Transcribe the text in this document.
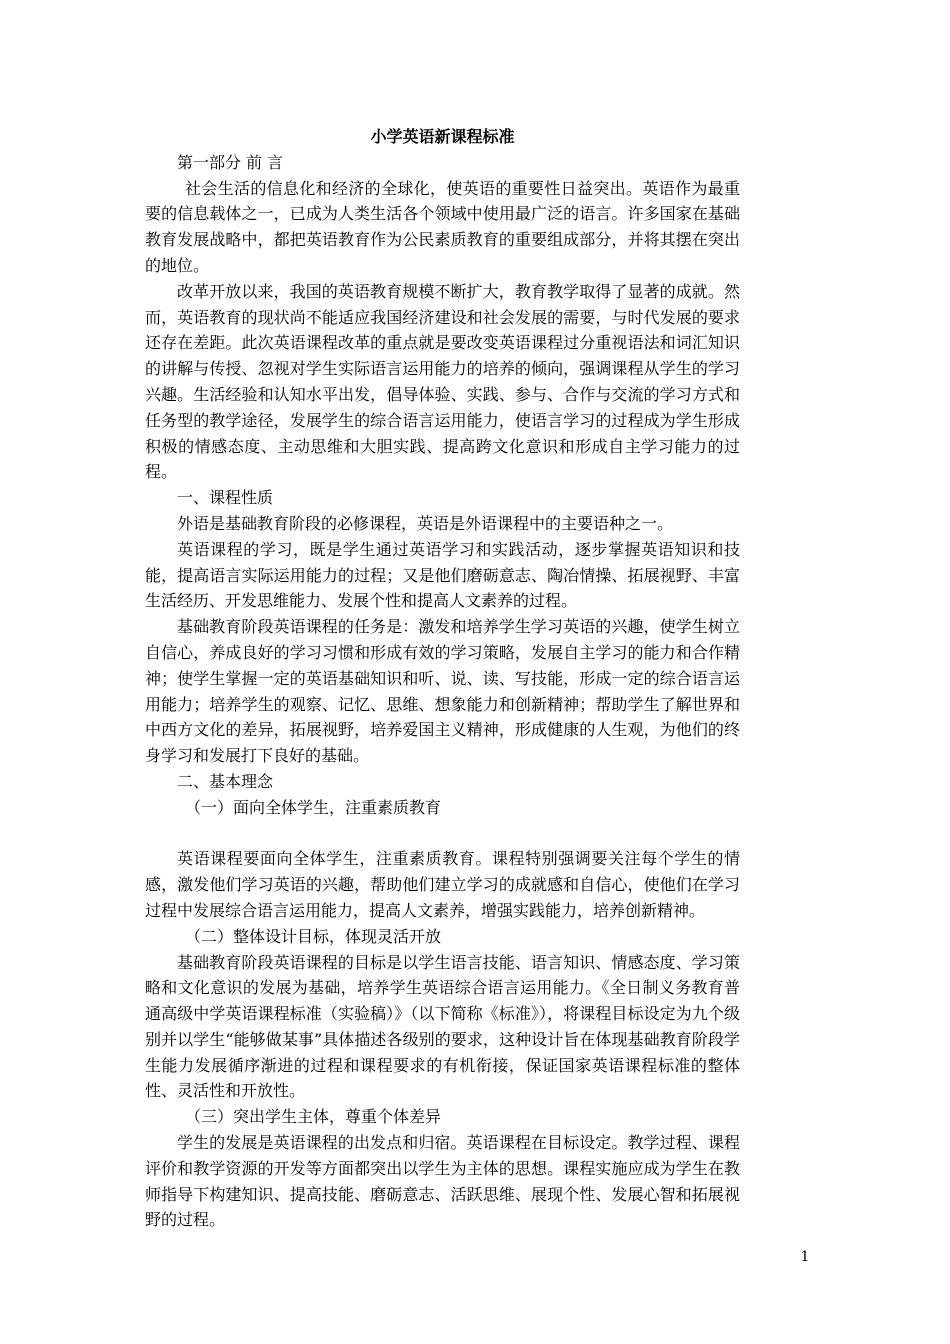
小学英语新课程标准

第一部分 前 言

社会生活的信息化和经济的全球化，使英语的重要性日益突出。英语作为最重要的信息载体之一，已成为人类生活各个领域中使用最广泛的语言。许多国家在基础教育发展战略中，都把英语教育作为公民素质教育的重要组成部分，并将其摆在突出的地位。

改革开放以来，我国的英语教育规模不断扩大，教育教学取得了显著的成就。然而，英语教育的现状尚不能适应我国经济建设和社会发展的需要，与时代发展的要求还存在差距。此次英语课程改革的重点就是要改变英语课程过分重视语法和词汇知识的讲解与传授、忽视对学生实际语言运用能力的培养的倾向，强调课程从学生的学习兴趣。生活经验和认知水平出发，倡导体验、实践、参与、合作与交流的学习方式和任务型的教学途径，发展学生的综合语言运用能力，使语言学习的过程成为学生形成积极的情感态度、主动思维和大胆实践、提高跨文化意识和形成自主学习能力的过程。

一、课程性质

外语是基础教育阶段的必修课程，英语是外语课程中的主要语种之一。

英语课程的学习，既是学生通过英语学习和实践活动，逐步掌握英语知识和技能，提高语言实际运用能力的过程；又是他们磨砺意志、陶冶情操、拓展视野、丰富生活经历、开发思维能力、发展个性和提高人文素养的过程。

基础教育阶段英语课程的任务是：激发和培养学生学习英语的兴趣，使学生树立自信心，养成良好的学习习惯和形成有效的学习策略，发展自主学习的能力和合作精神；使学生掌握一定的英语基础知识和听、说、读、写技能，形成一定的综合语言运用能力；培养学生的观察、记忆、思维、想象能力和创新精神；帮助学生了解世界和中西方文化的差异，拓展视野，培养爱国主义精神，形成健康的人生观，为他们的终身学习和发展打下良好的基础。

二、基本理念

（一）面向全体学生，注重素质教育

英语课程要面向全体学生，注重素质教育。课程特别强调要关注每个学生的情感，激发他们学习英语的兴趣，帮助他们建立学习的成就感和自信心，使他们在学习过程中发展综合语言运用能力，提高人文素养，增强实践能力，培养创新精神。

（二）整体设计目标，体现灵活开放

基础教育阶段英语课程的目标是以学生语言技能、语言知识、情感态度、学习策略和文化意识的发展为基础，培养学生英语综合语言运用能力。《全日制义务教育普通高级中学英语课程标准（实验稿）》（以下简称《标准》），将课程目标设定为九个级别并以学生“能够做某事”具体描述各级别的要求，这种设计旨在体现基础教育阶段学生能力发展循序渐进的过程和课程要求的有机衔接，保证国家英语课程标准的整体性、灵活性和开放性。

（三）突出学生主体，尊重个体差异

学生的发展是英语课程的出发点和归宿。英语课程在目标设定。教学过程、课程评价和教学资源的开发等方面都突出以学生为主体的思想。课程实施应成为学生在教师指导下构建知识、提高技能、磨砺意志、活跃思维、展现个性、发展心智和拓展视野的过程。

1
